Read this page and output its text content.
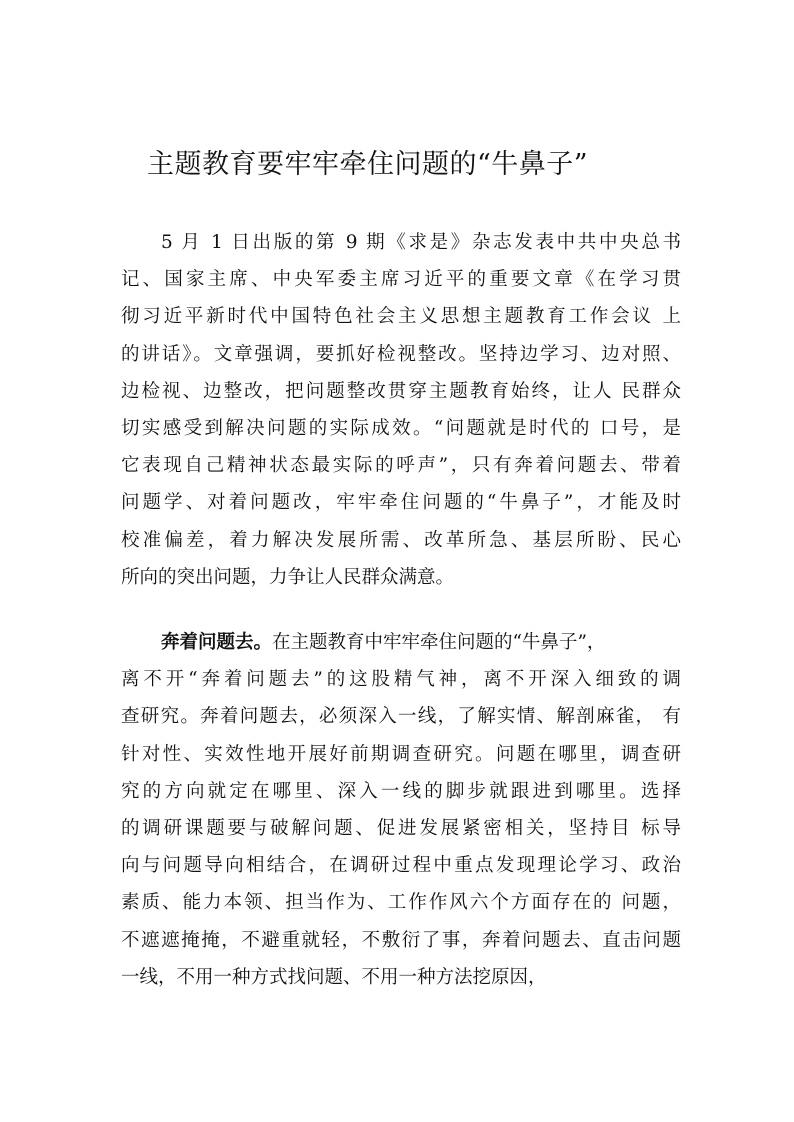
主题教育要牢牢牵住问题的“牛鼻子”
5 月 1 日出版的第 9 期《求是》杂志发表中共中央总书
记、国家主席、中央军委主席习近平的重要文章《在学习贯
彻习近平新时代中国特色社会主义思想主题教育工作会议 上
的讲话》。文章强调，要抓好检视整改。坚持边学习、边对照、
边检视、边整改，把问题整改贯穿主题教育始终，让人 民群众
切实感受到解决问题的实际成效。“问题就是时代的 口号，是
它表现自己精神状态最实际的呼声”，只有奔着问题去、带着
问题学、对着问题改，牢牢牵住问题的“牛鼻子”，才能及时
校准偏差，着力解决发展所需、改革所急、基层所盼、民心
所向的突出问题，力争让人民群众满意。
奔着问题去。在主题教育中牢牢牵住问题的“牛鼻子”，
离不开“奔着问题去”的这股精气神，离不开深入细致的调
查研究。奔着问题去，必须深入一线，了解实情、解剖麻雀， 有
针对性、实效性地开展好前期调查研究。问题在哪里，调查研
究的方向就定在哪里、深入一线的脚步就跟进到哪里。选择
的调研课题要与破解问题、促进发展紧密相关，坚持目 标导
向与问题导向相结合，在调研过程中重点发现理论学习、政治
素质、能力本领、担当作为、工作作风六个方面存在的 问题，
不遮遮掩掩，不避重就轻，不敷衍了事，奔着问题去、直击问题
一线，不用一种方式找问题、不用一种方法挖原因，
